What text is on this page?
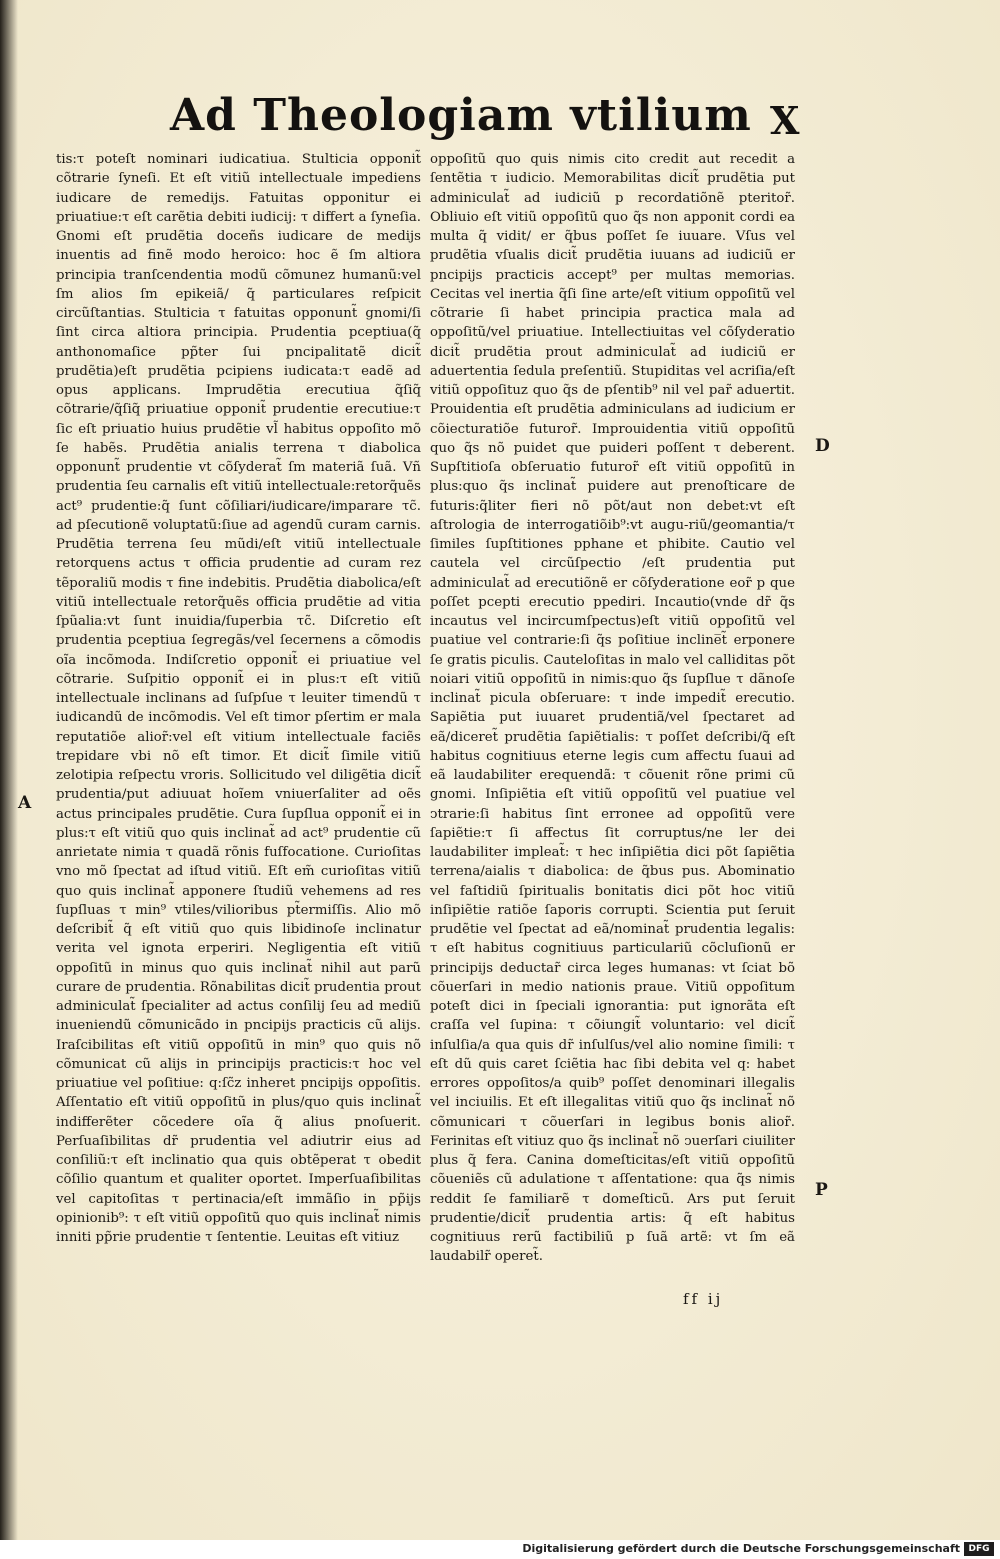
Ad Theologiam vtilium X

tis:τ poteſt nominari iudicatiua. Stulticia opponit̃ cõtrarie ſyneſi. Et eſt vitiũ intellectuale impediens iudicare de remedijs. Fatuitas opponitur ei priuatiue:τ eſt carẽtia debiti iudicij: τ differt a ſyneſia. Gnomi eſt prudẽtia doceñs iudicare de medijs inuentis ad finẽ modo heroico: hoc ẽ ſm altiora principia tranſcendentia modũ cõmunez humanũ:vel ſm alios ſm epikeiã/ q̃ particulares reſpicit circũſtantias. Stulticia τ fatuitas opponunt̃ gnomi/ſi ſint circa altiora principia. Prudentia pceptiua(q̃ anthonomaſice pp̃ter ſui pncipalitatẽ dicit̃ prudẽtia)eſt prudẽtia pcipiens iudicata:τ eadẽ ad opus applicans. Imprudẽtia erecutiua q̃ſiq̃ cõtrarie/q̃ſiq̃ priuatiue opponit̃ prudentie erecutiue:τ ſic eſt priuatio huius prudẽtie vl̃ habitus oppoſito mõ ſe habẽs. Prudẽtia anialis terrena τ diabolica opponunt̃ prudentie vt cõſyderat̃ ſm materiã ſuã. Vñ prudentia ſeu carnalis eſt vitiũ intellectuale:retorq̃uẽs act⁹ prudentie:q̃ ſunt cõſiliari/iudicare/imparare τc̃. ad pſecutionẽ voluptatũ:ſiue ad agendũ curam carnis. Prudẽtia terrena ſeu mũdi/eſt vitiũ intellectuale retorquens actus τ officia prudentie ad curam rez tẽporaliũ modis τ fine indebitis. Prudẽtia diabolica/eſt vitiũ intellectuale retorq̃uẽs officia prudẽtie ad vitia ſpũalia:vt ſunt inuidia/ſuperbia τc̃. Diſcretio eſt prudentia pceptiua ſegregãs/vel ſecernens a cõmodis oĩa incõmoda. Indiſcretio opponit̃ ei priuatiue vel cõtrarie. Suſpitio opponit̃ ei in plus:τ eſt vitiũ intellectuale inclinans ad ſuſpſue τ leuiter timendũ τ iudicandũ de incõmodis. Vel eſt timor pſertim er mala reputatiõe alior̃:vel eſt vitium intellectuale faciẽs trepidare vbi nõ eſt timor. Et dicit̃ ſimile vitiũ zelotipia reſpectu vroris. Sollicitudo vel diligẽtia dicit̃ prudentia/put adiuuat hoĩem vniuerſaliter ad oẽs actus principales prudẽtie. Cura ſupſlua opponit̃ ei in plus:τ eſt vitiũ quo quis inclinat̃ ad act⁹ prudentie cũ anrietate nimia τ quadã rõnis fuſfocatione. Curioſitas vno mõ ſpectat ad iſtud vitiũ. Eſt em̃ curioſitas vitiũ quo quis inclinat̃ apponere ſtudiũ vehemens ad res ſupſluas τ min⁹ vtiles/vilioribus pt̃ermiſſis. Alio mõ deſcribit̃ q̃ eſt vitiũ quo quis libidinoſe inclinatur verita vel ignota erperiri. Negligentia eſt vitiũ oppoſitũ in minus quo quis inclinat̃ nihil aut parũ curare de prudentia. Rõnabilitas dicit̃ prudentia prout adminiculat̃ ſpecialiter ad actus conſilij ſeu ad mediũ inueniendũ cõmunicãdo in pncipijs practicis cũ alijs. Iraſcibilitas eſt vitiũ oppoſitũ in min⁹ quo quis nõ cõmunicat cũ alijs in principijs practicis:τ hoc vel priuatiue vel poſitiue: q:ſc̃z inheret pncipijs oppoſitis. Aſſentatio eſt vitiũ oppoſitũ in plus/quo quis inclinat̃ indifferẽter cõcedere oĩa q̃ alius pnoſuerit. Perſuaſibilitas dr̃ prudentia vel adiutrir eius ad conſiliũ:τ eſt inclinatio qua quis obtẽperat τ obedit cõſilio quantum et qualiter oportet. Imperſuaſibilitas vel capitoſitas τ pertinacia/eſt immãſio in pp̃ijs opinionib⁹: τ eſt vitiũ oppoſitũ quo quis inclinat̃ nimis inniti pp̃rie prudentie τ ſententie. Leuitas eſt vitiuz

oppoſitũ quo quis nimis cito credit aut recedit a ſentẽtia τ iudicio. Memorabilitas dicit̃ prudẽtia put adminiculat̃ ad iudiciũ p recordatiõnẽ pteritor̃. Obliuio eſt vitiũ oppoſitũ quo q̃s non apponit cordi ea multa q̃ vidit/ er q̃bus poſſet ſe iuuare. Vſus vel prudẽtia vſualis dicit̃ prudẽtia iuuans ad iudiciũ er pncipijs practicis accept⁹ per multas memorias. Cecitas vel inertia q̃ſi ſine arte/eſt vitium oppoſitũ vel cõtrarie ſi habet principia practica mala ad oppoſitũ/vel priuatiue. Intellectiuitas vel cõſyderatio dicit̃ prudẽtia prout adminiculat̃ ad iudiciũ er aduertentia ſedula preſentiũ. Stupiditas vel acriſia/eſt vitiũ oppoſituz quo q̃s de pſentib⁹ nil vel par̃ aduertit. Prouidentia eſt prudẽtia adminiculans ad iudicium er cõiecturatiõe futuror̃. Improuidentia vitiũ oppoſitũ quo q̃s nõ puidet que puideri poſſent τ deberent. Supſtitioſa obſeruatio futuror̃ eſt vitiũ oppoſitũ in plus:quo q̃s inclinat̃ puidere aut prenoſticare de futuris:q̃liter fieri nõ põt/aut non debet:vt eſt aſtrologia de interrogatiõib⁹:vt augu-riũ/geomantia/τ ſimiles ſupſtitiones pphane et phibite. Cautio vel cautela vel circũſpectio /eſt prudentia put adminiculat̃ ad erecutiõnẽ er cõſyderatione eor̃ p que poſſet pcepti erecutio ppediri. Incautio(vnde dr̃ q̃s incautus vel incircumſpectus)eſt vitiũ oppoſitũ vel puatiue vel contrarie:ſi q̃s poſitiue incline̅t̃ erponere ſe gratis piculis. Cauteloſitas in malo vel calliditas põt noiari vitiũ oppoſitũ in nimis:quo q̃s ſupſlue τ dãnoſe inclinat̃ picula obſeruare: τ inde impedit̃ erecutio. Sapiẽtia put iuuaret prudentiã/vel ſpectaret ad eã/diceret̃ prudẽtia ſapiẽtialis: τ poſſet deſcribi/q̃ eſt habitus cognitiuus eterne legis cum affectu ſuaui ad eã laudabiliter erequendã: τ cõuenit rõne primi cũ gnomi. Inſipiẽtia eſt vitiũ oppoſitũ vel puatiue vel ↄtrarie:ſi habitus ſint erronee ad oppoſitũ vere ſapiẽtie:τ ſi affectus ſit corruptus/ne ler dei laudabiliter impleat̃: τ hec inſipiẽtia dici põt ſapiẽtia terrena/aialis τ diabolica: de q̃bus pus. Abominatio vel faſtidiũ ſpiritualis bonitatis dici põt hoc vitiũ inſipiẽtie ratiõe ſaporis corrupti. Scientia put ſeruit prudẽtie vel ſpectat ad eã/nominat̃ prudentia legalis: τ eſt habitus cognitiuus particulariũ cõcluſionũ er principijs deductar̃ circa leges humanas: vt ſciat bõ cõuerſari in medio nationis praue. Vitiũ oppoſitum poteſt dici in ſpeciali ignorantia: put ignorãta eſt craſſa vel ſupina: τ cõiungit̃ voluntario: vel dicit̃ inſulſia/a qua quis dr̃ inſulſus/vel alio nomine ſimili: τ eſt dũ quis caret ſciẽtia hac ſibi debita vel q: habet errores oppoſitos/a quib⁹ poſſet denominari illegalis vel inciuilis. Et eſt illegalitas vitiũ quo q̃s inclinat̃ nõ cõmunicari τ cõuerſari in legibus bonis alior̃. Ferinitas eſt vitiuz quo q̃s inclinat̃ nõ ↄuerſari ciuiliter plus q̃ fera. Canina domeſticitas/eſt vitiũ oppoſitũ cõueniẽs cũ adulatione τ aſſentatione: qua q̃s nimis reddit ſe familiarẽ τ domeſticũ. Ars put ſeruit prudentie/dicit̃ prudentia artis: q̃ eſt habitus cognitiuus rerũ factibiliũ p ſuã artẽ: vt ſm eã laudabilr̃ operet̃.

A
D
P
ff ij
Digitalisierung gefördert durch die Deutsche Forschungsgemeinschaft DFG
